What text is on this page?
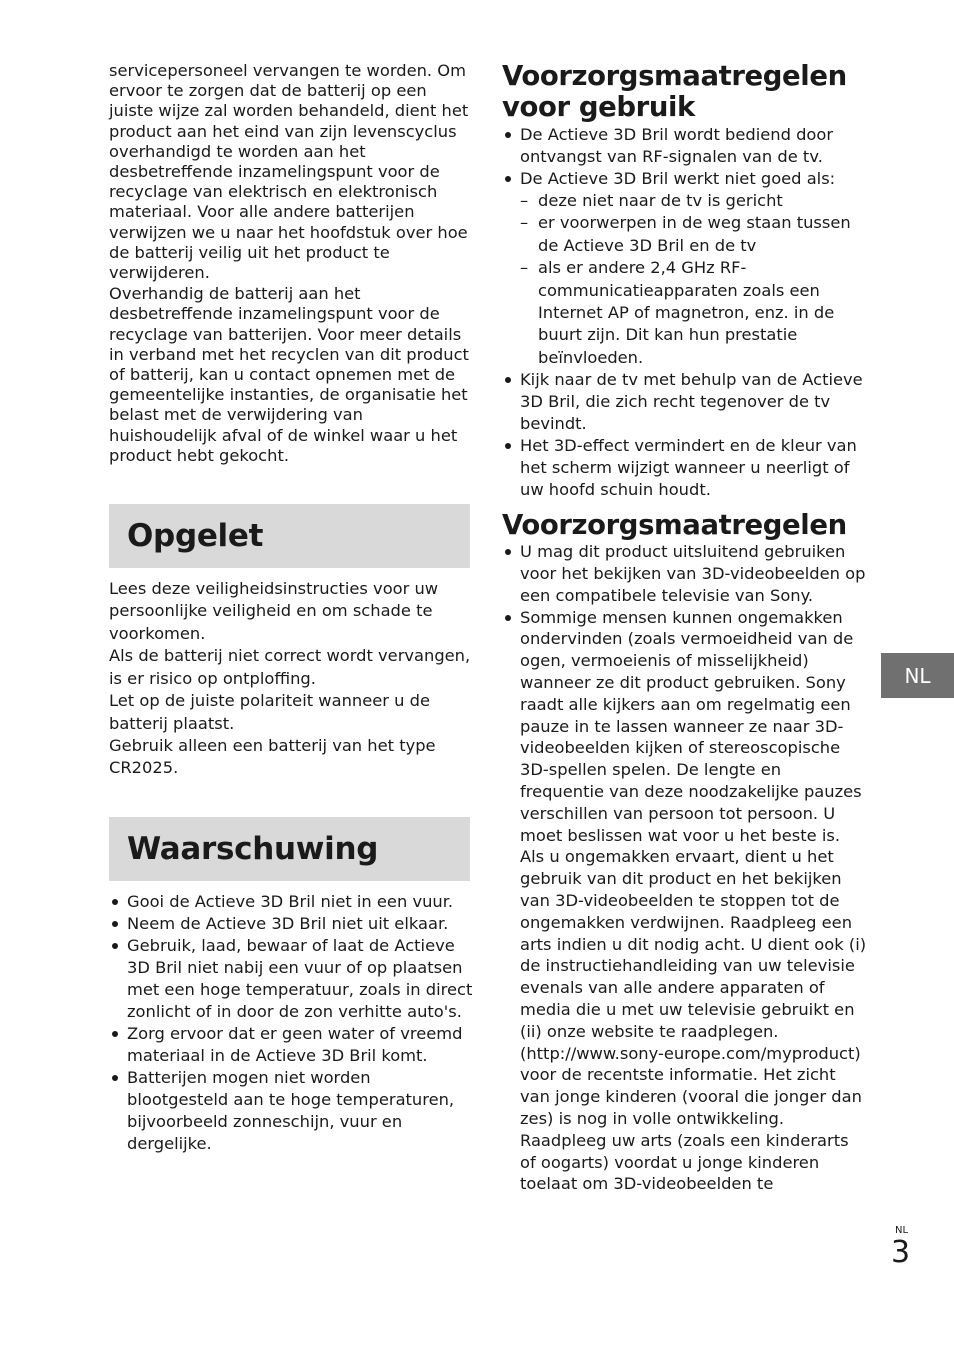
servicepersoneel vervangen te worden. Om ervoor te zorgen dat de batterij op een juiste wijze zal worden behandeld, dient het product aan het eind van zijn levenscyclus overhandigd te worden aan het desbetreffende inzamelingspunt voor de recyclage van elektrisch en elektronisch materiaal. Voor alle andere batterijen verwijzen we u naar het hoofdstuk over hoe de batterij veilig uit het product te verwijderen.

Overhandig de batterij aan het desbetreffende inzamelingspunt voor de recyclage van batterijen. Voor meer details in verband met het recyclen van dit product of batterij, kan u contact opnemen met de gemeentelijke instanties, de organisatie het belast met de verwijdering van huishoudelijk afval of de winkel waar u het product hebt gekocht.

Opgelet

Lees deze veiligheidsinstructies voor uw persoonlijke veiligheid en om schade te voorkomen.

Als de batterij niet correct wordt vervangen, is er risico op ontploffing.

Let op de juiste polariteit wanneer u de batterij plaatst.

Gebruik alleen een batterij van het type CR2025.

Waarschuwing
Gooi de Actieve 3D Bril niet in een vuur.
Neem de Actieve 3D Bril niet uit elkaar.
Gebruik, laad, bewaar of laat de Actieve 3D Bril niet nabij een vuur of op plaatsen met een hoge temperatuur, zoals in direct zonlicht of in door de zon verhitte auto's.
Zorg ervoor dat er geen water of vreemd materiaal in de Actieve 3D Bril komt.
Batterijen mogen niet worden blootgesteld aan te hoge temperaturen, bijvoorbeeld zonneschijn, vuur en dergelijke.
Voorzorgsmaatregelen voor gebruik
De Actieve 3D Bril wordt bediend door ontvangst van RF-signalen van de tv.
De Actieve 3D Bril werkt niet goed als:
– deze niet naar de tv is gericht
– er voorwerpen in de weg staan tussen de Actieve 3D Bril en de tv
– als er andere 2,4 GHz RF-communicatieapparaten zoals een Internet AP of magnetron, enz. in de buurt zijn. Dit kan hun prestatie beïnvloeden.
Kijk naar de tv met behulp van de Actieve 3D Bril, die zich recht tegenover de tv bevindt.
Het 3D-effect vermindert en de kleur van het scherm wijzigt wanneer u neerligt of uw hoofd schuin houdt.
Voorzorgsmaatregelen
U mag dit product uitsluitend gebruiken voor het bekijken van 3D-videobeelden op een compatibele televisie van Sony.
Sommige mensen kunnen ongemakken ondervinden (zoals vermoeidheid van de ogen, vermoeienis of misselijkheid) wanneer ze dit product gebruiken. Sony raadt alle kijkers aan om regelmatig een pauze in te lassen wanneer ze naar 3D-videobeelden kijken of stereoscopische 3D-spellen spelen. De lengte en frequentie van deze noodzakelijke pauzes verschillen van persoon tot persoon. U moet beslissen wat voor u het beste is. Als u ongemakken ervaart, dient u het gebruik van dit product en het bekijken van 3D-videobeelden te stoppen tot de ongemakken verdwijnen. Raadpleeg een arts indien u dit nodig acht. U dient ook (i) de instructiehandleiding van uw televisie evenals van alle andere apparaten of media die u met uw televisie gebruikt en (ii) onze website te raadplegen. (http://www.sony-europe.com/myproduct) voor de recentste informatie. Het zicht van jonge kinderen (vooral die jonger dan zes) is nog in volle ontwikkeling. Raadpleeg uw arts (zoals een kinderarts of oogarts) voordat u jonge kinderen toelaat om 3D-videobeelden te
NL
NL
3
